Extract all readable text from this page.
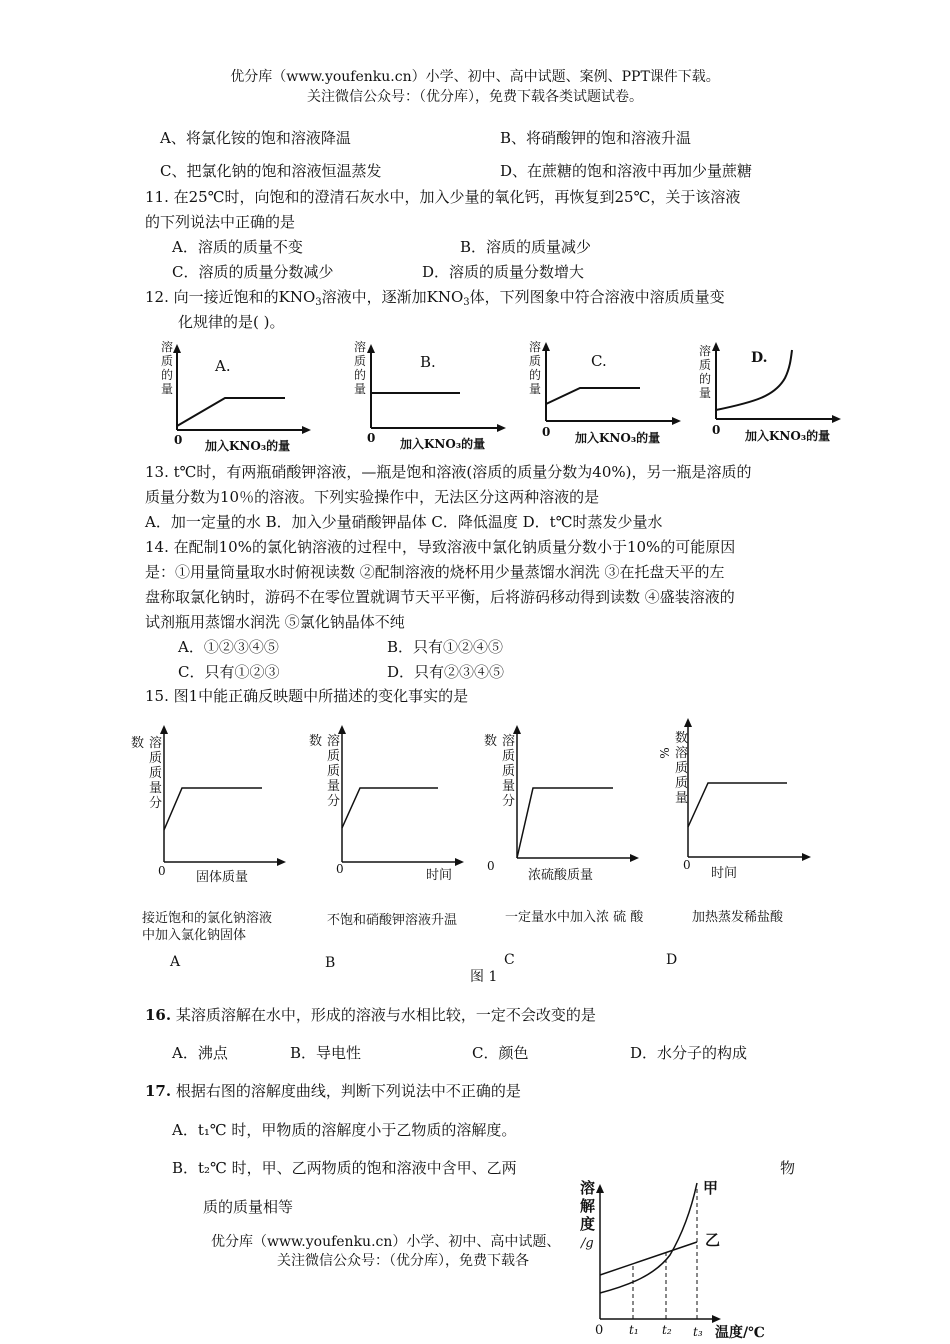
优分库（www.youfenku.cn）小学、初中、高中试题、案例、PPT课件下载。
关注微信公众号：（优分库），免费下载各类试题试卷。
A、将氯化铵的饱和溶液降温	B、将硝酸钾的饱和溶液升温
C、把氯化钠的饱和溶液恒温蒸发	D、在蔗糖的饱和溶液中再加少量蔗糖
11. 在25℃时，向饱和的澄清石灰水中，加入少量的氧化钙，再恢复到25℃，关于该溶液
的下列说法中正确的是
A．溶质的质量不变	B．溶质的质量减少
C．溶质的质量分数减少	D．溶质的质量分数增大
12. 向一接近饱和的$KNO_3$溶液中，逐渐加$KNO_3$体，下列图象中符合溶液中溶质质量变
化规律的是( )。
溶
质
的
量
A.
0 加入KNO₃的量
溶
质
的
量
B.
0 加入KNO₃的量
溶
质
的
量
C.
0 加入KNO₃的量
溶
质
的
量
D.
0 加入KNO₃的量
13. t℃时，有两瓶硝酸钾溶液，—瓶是饱和溶液(溶质的质量分数为40%)，另一瓶是溶质的
质量分数为10％的溶液。下列实验操作中，无法区分这两种溶液的是
A．加一定量的水 B．加入少量硝酸钾晶体 C．降低温度 D．t℃时蒸发少量水
14. 在配制10%的氯化钠溶液的过程中，导致溶液中氯化钠质量分数小于10%的可能原因
是：①用量筒量取水时俯视读数 ②配制溶液的烧杯用少量蒸馏水润洗 ③在托盘天平的左
盘称取氯化钠时，游码不在零位置就调节天平平衡，后将游码移动得到读数 ④盛装溶液的
试剂瓶用蒸馏水润洗 ⑤氯化钠晶体不纯
A．①②③④⑤	B．只有①②④⑤
C．只有①②③	D．只有②③④⑤
15. 图1中能正确反映题中所描述的变化事实的是
数 溶
质
质
量
分
0 固体质量
数 溶
质
质
量
分
0	时间
数 溶
质
质
量
分
0
浓硫酸质量
%
数
溶
质
质
量
0
时间
接近饱和的氯化钠溶液
中加入氯化钠固体
不饱和硝酸钾溶液升温	一定量水中加入浓 硫 酸	加热蒸发稀盐酸
A	B	C	D
图 1
16. 某溶质溶解在水中，形成的溶液与水相比较，一定不会改变的是
A．沸点	B．导电性	C．颜色	D．水分子的构成
17. 根据右图的溶解度曲线，判断下列说法中不正确的是
A．t₁℃ 时，甲物质的溶解度小于乙物质的溶解度。
B．t₂℃ 时，甲、乙两物质的饱和溶液中含甲、乙两	物
质的质量相等
溶
解
度
/g
甲
乙
0 t₁ t₂ t₃ 温度/℃
优分库（www.youfenku.cn）小学、初中、高中试题、
关注微信公众号：（优分库），免费下载各
